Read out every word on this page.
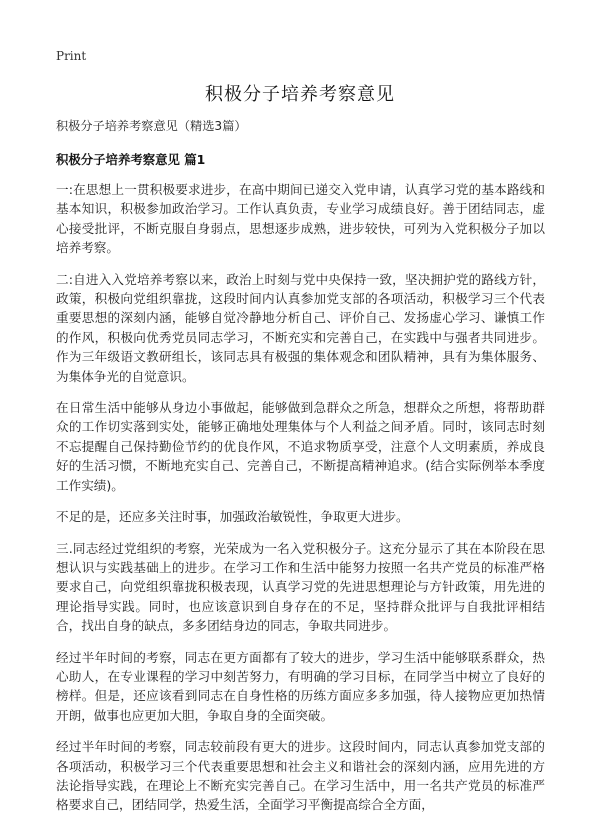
Print
积极分子培养考察意见
积极分子培养考察意见（精选3篇）
积极分子培养考察意见 篇1

一:在思想上一贯积极要求进步，在高中期间已递交入党申请，认真学习党的基本路线和基本知识，积极参加政治学习。工作认真负责，专业学习成绩良好。善于团结同志，虚心接受批评，不断克服自身弱点，思想逐步成熟，进步较快，可列为入党积极分子加以培养考察。

二:自进入入党培养考察以来，政治上时刻与党中央保持一致，坚决拥护党的路线方针，政策，积极向党组织靠拢，这段时间内认真参加党支部的各项活动，积极学习三个代表重要思想的深刻内涵，能够自觉冷静地分析自己、评价自己、发扬虚心学习、谦慎工作的作风，积极向优秀党员同志学习，不断充实和完善自己，在实践中与强者共同进步。作为三年级语文教研组长，该同志具有极强的集体观念和团队精神，具有为集体服务、为集体争光的自觉意识。

在日常生活中能够从身边小事做起，能够做到急群众之所急，想群众之所想，将帮助群众的工作切实落到实处，能够正确地处理集体与个人利益之间矛盾。同时，该同志时刻不忘提醒自己保持勤俭节约的优良作风，不追求物质享受，注意个人文明素质，养成良好的生活习惯，不断地充实自己、完善自己，不断提高精神追求。(结合实际例举本季度工作实绩)。

不足的是，还应多关注时事，加强政治敏锐性，争取更大进步。

三.同志经过党组织的考察，光荣成为一名入党积极分子。这充分显示了其在本阶段在思想认识与实践基础上的进步。在学习工作和生活中能努力按照一名共产党员的标准严格要求自己，向党组织靠拢积极表现，认真学习党的先进思想理论与方针政策，用先进的理论指导实践。同时，也应该意识到自身存在的不足，坚持群众批评与自我批评相结合，找出自身的缺点，多多团结身边的同志，争取共同进步。

经过半年时间的考察，同志在更方面都有了较大的进步，学习生活中能够联系群众，热心助人，在专业课程的学习中刻苦努力，有明确的学习目标，在同学当中树立了良好的榜样。但是，还应该看到同志在自身性格的历练方面应多多加强，待人接物应更加热情开朗，做事也应更加大胆，争取自身的全面突破。

经过半年时间的考察，同志较前段有更大的进步。这段时间内，同志认真参加党支部的各项活动，积极学习三个代表重要思想和社会主义和谐社会的深刻内涵，应用先进的方法论指导实践，在理论上不断充实完善自己。在学习生活中，用一名共产党员的标准严格要求自己，团结同学，热爱生活，全面学习平衡提高综合全方面，
